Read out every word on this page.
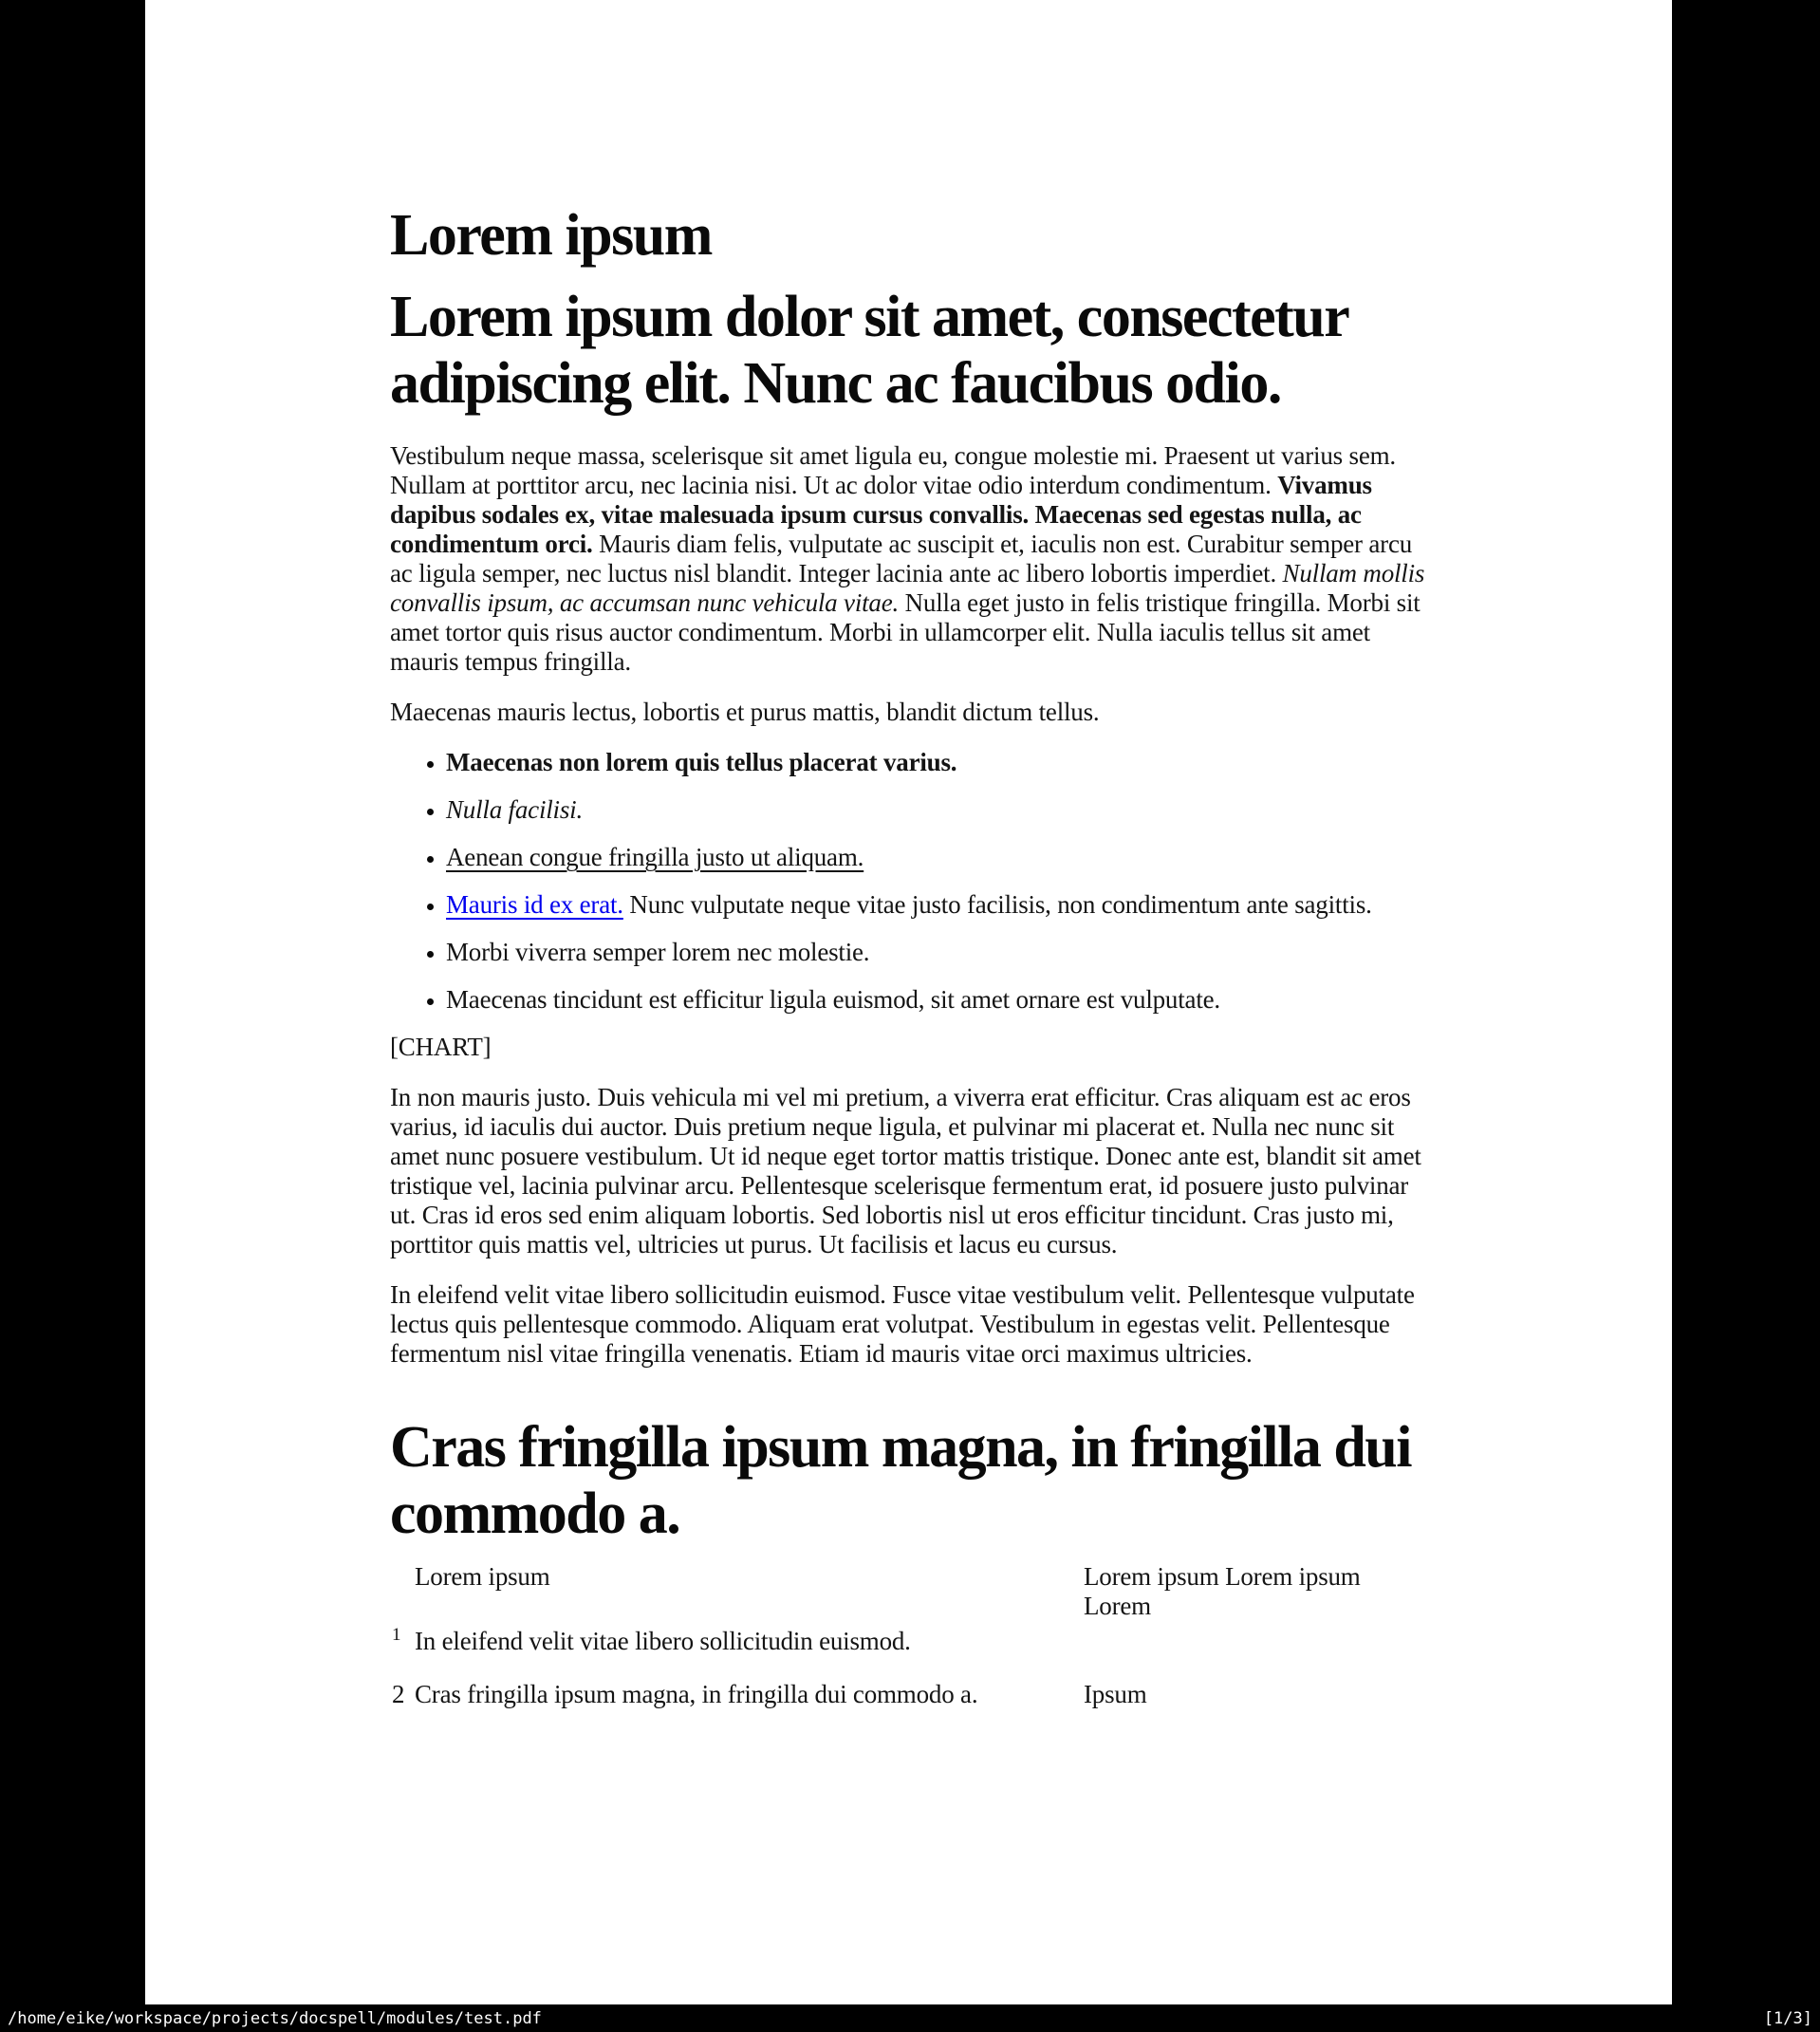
Lorem ipsum
Lorem ipsum dolor sit amet, consectetur adipiscing elit. Nunc ac faucibus odio.

Vestibulum neque massa, scelerisque sit amet ligula eu, congue molestie mi. Praesent ut varius sem. Nullam at porttitor arcu, nec lacinia nisi. Ut ac dolor vitae odio interdum condimentum. Vivamus dapibus sodales ex, vitae malesuada ipsum cursus convallis. Maecenas sed egestas nulla, ac condimentum orci. Mauris diam felis, vulputate ac suscipit et, iaculis non est. Curabitur semper arcu ac ligula semper, nec luctus nisl blandit. Integer lacinia ante ac libero lobortis imperdiet. Nullam mollis convallis ipsum, ac accumsan nunc vehicula vitae. Nulla eget justo in felis tristique fringilla. Morbi sit amet tortor quis risus auctor condimentum. Morbi in ullamcorper elit. Nulla iaculis tellus sit amet mauris tempus fringilla.

Maecenas mauris lectus, lobortis et purus mattis, blandit dictum tellus.

• Maecenas non lorem quis tellus placerat varius.
• Nulla facilisi.
• Aenean congue fringilla justo ut aliquam.
• Mauris id ex erat. Nunc vulputate neque vitae justo facilisis, non condimentum ante sagittis.
• Morbi viverra semper lorem nec molestie.
• Maecenas tincidunt est efficitur ligula euismod, sit amet ornare est vulputate.

[CHART]

In non mauris justo. Duis vehicula mi vel mi pretium, a viverra erat efficitur. Cras aliquam est ac eros varius, id iaculis dui auctor. Duis pretium neque ligula, et pulvinar mi placerat et. Nulla nec nunc sit amet nunc posuere vestibulum. Ut id neque eget tortor mattis tristique. Donec ante est, blandit sit amet tristique vel, lacinia pulvinar arcu. Pellentesque scelerisque fermentum erat, id posuere justo pulvinar ut. Cras id eros sed enim aliquam lobortis. Sed lobortis nisl ut eros efficitur tincidunt. Cras justo mi, porttitor quis mattis vel, ultricies ut purus. Ut facilisis et lacus eu cursus.

In eleifend velit vitae libero sollicitudin euismod. Fusce vitae vestibulum velit. Pellentesque vulputate lectus quis pellentesque commodo. Aliquam erat volutpat. Vestibulum in egestas velit. Pellentesque fermentum nisl vitae fringilla venenatis. Etiam id mauris vitae orci maximus ultricies.

Cras fringilla ipsum magna, in fringilla dui commodo a.
Lorem ipsum	Lorem ipsum Lorem ipsum Lorem
1 In eleifend velit vitae libero sollicitudin euismod.
2 Cras fringilla ipsum magna, in fringilla dui commodo a.	Ipsum
/home/eike/workspace/projects/docspell/modules/test.pdf	[1/3]
